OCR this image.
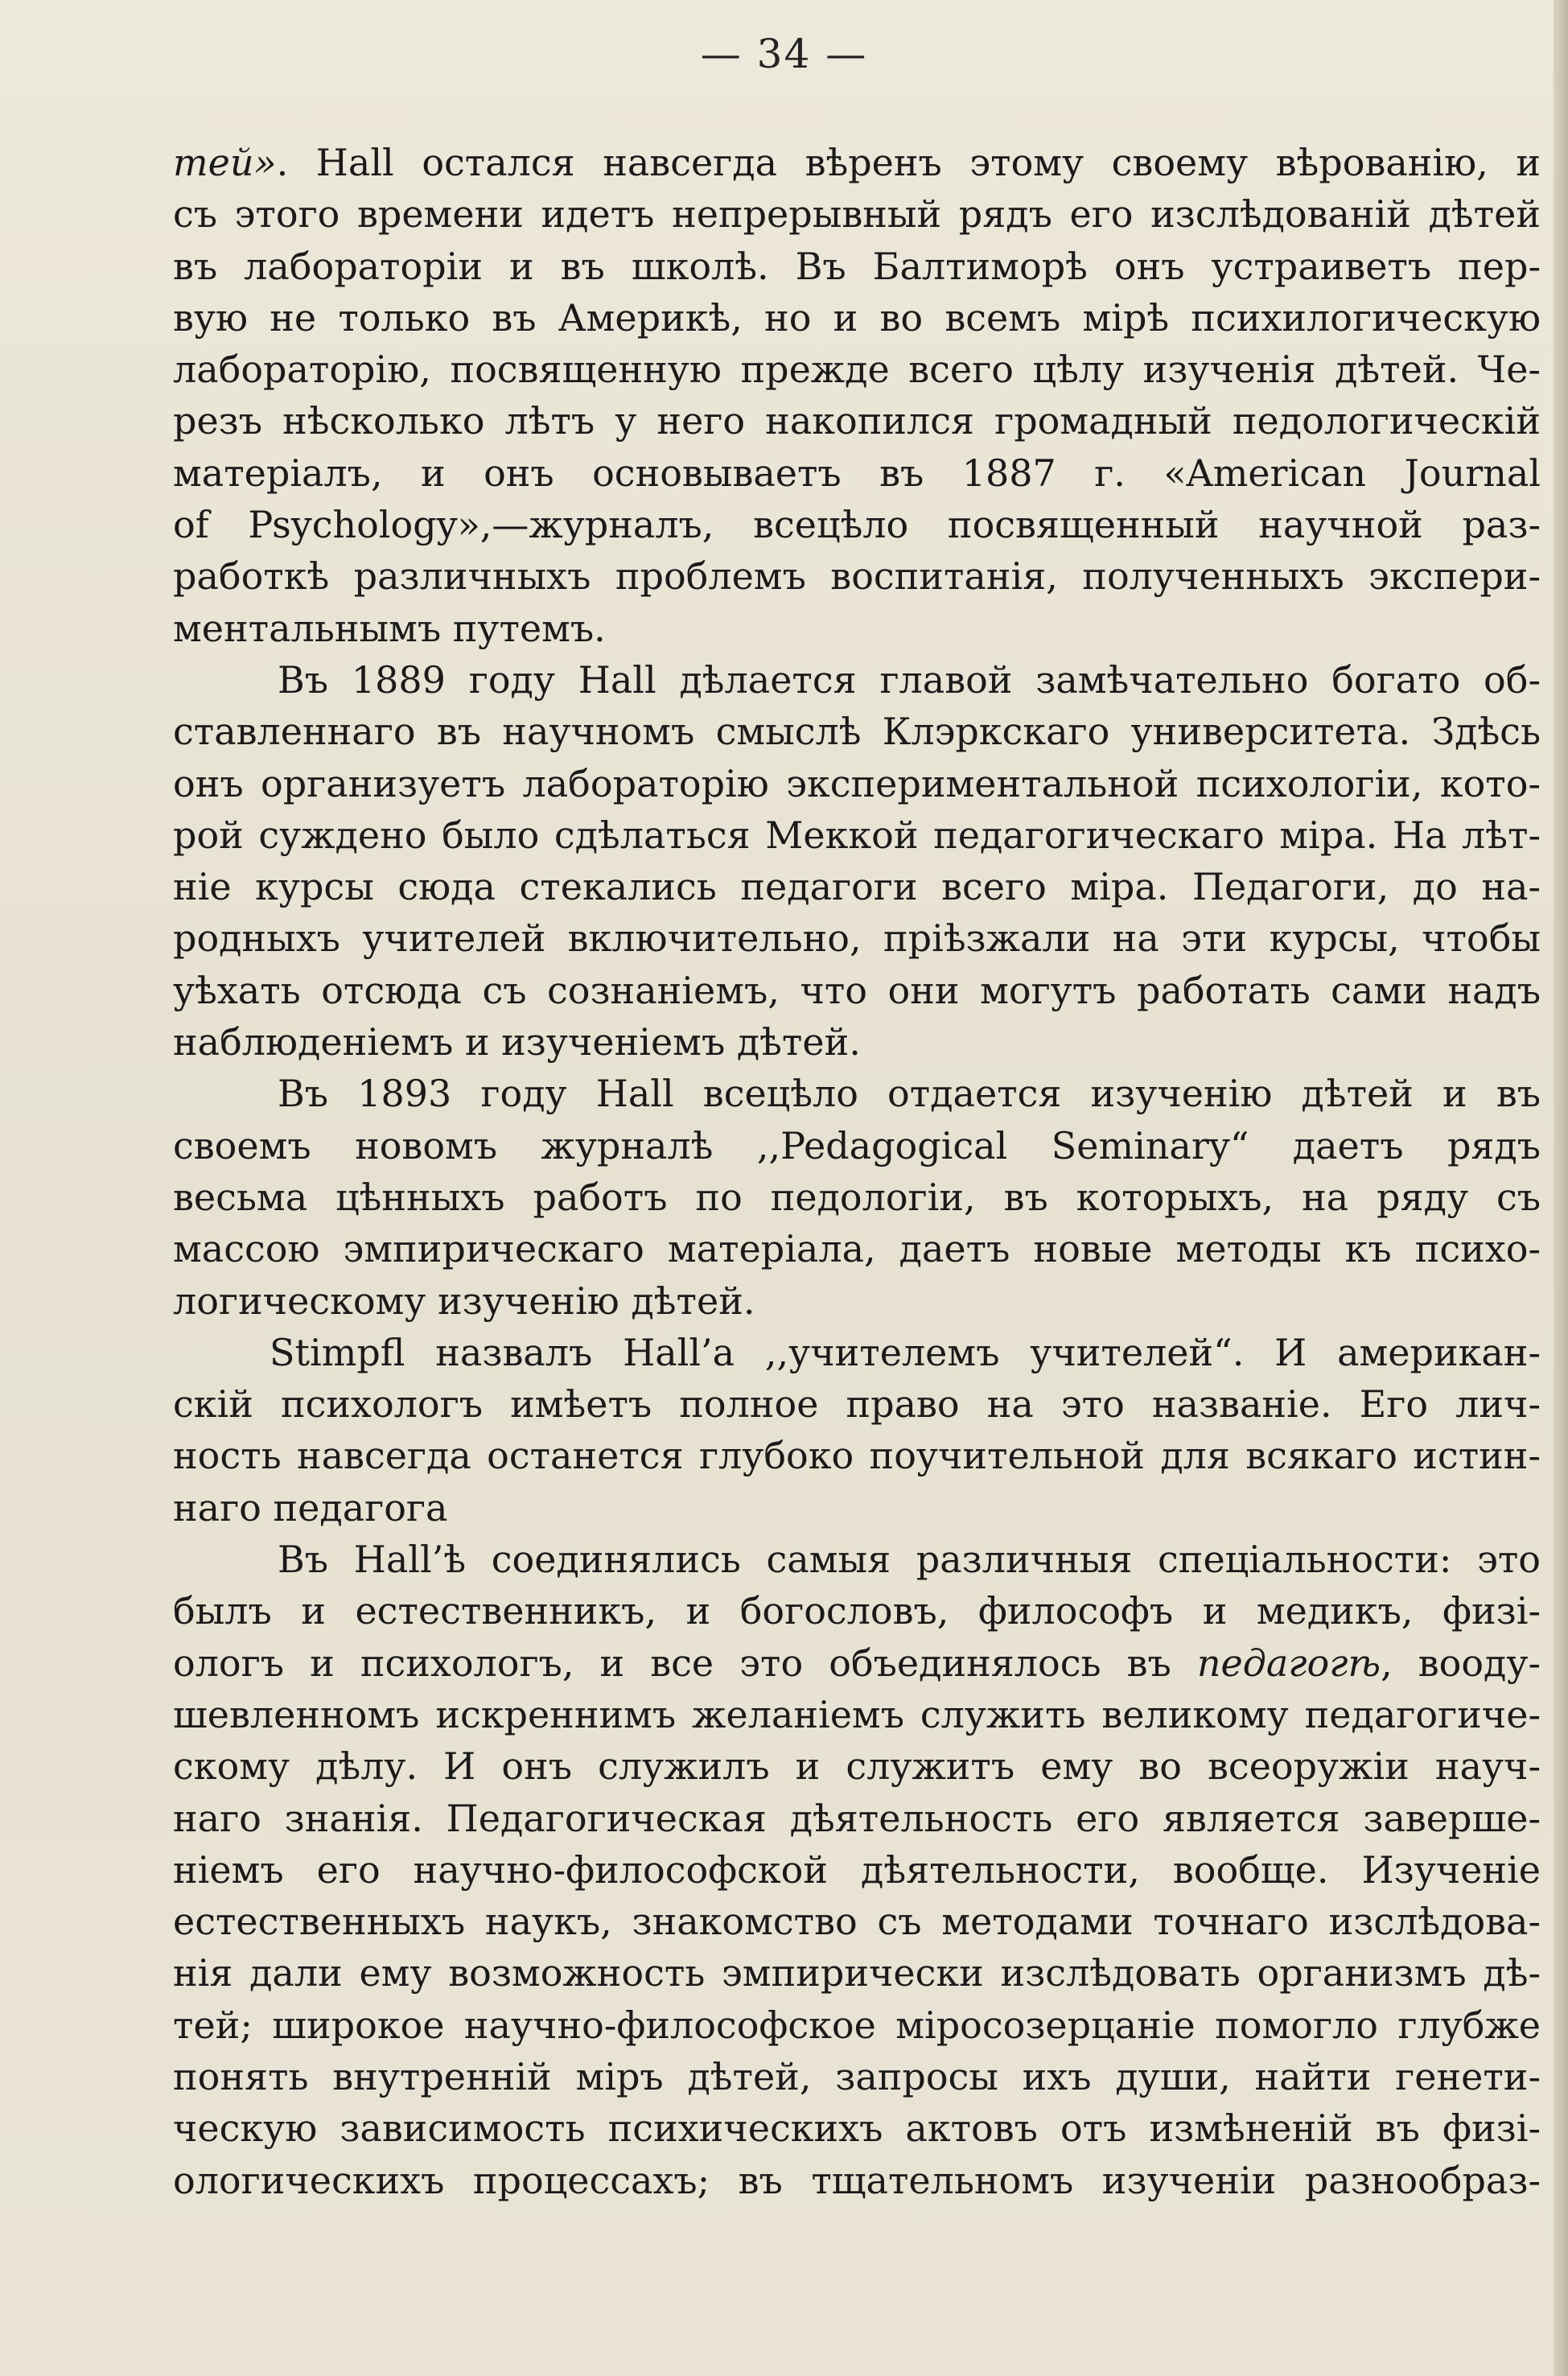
— 34 —
тей». Hall остался навсегда вѣренъ этому своему вѣрованію, и
съ этого времени идетъ непрерывный рядъ его изслѣдованій дѣтей
въ лабораторіи и въ школѣ. Въ Балтиморѣ онъ устраиветъ пер-
вую не только въ Америкѣ, но и во всемъ мірѣ психилогическую
лабораторію, посвященную прежде всего цѣлу изученія дѣтей. Че-
резъ нѣсколько лѣтъ у него накопился громадный педологическій
матеріалъ, и онъ основываетъ въ 1887 г. «American Journal
of Psychology»,—журналъ, всецѣло посвященный научной раз-
работкѣ различныхъ проблемъ воспитанія, полученныхъ экспери-
ментальнымъ путемъ.
Въ 1889 году Hall дѣлается главой замѣчательно богато об-
ставленнаго въ научномъ смыслѣ Клэркскаго университета. Здѣсь
онъ организуетъ лабораторію экспериментальной психологіи, кото-
рой суждено было сдѣлаться Меккой педагогическаго міра. На лѣт-
ніе курсы сюда стекались педагоги всего міра. Педагоги, до на-
родныхъ учителей включительно, пріѣзжали на эти курсы, чтобы
уѣхать отсюда съ сознаніемъ, что они могутъ работать сами надъ
наблюденіемъ и изученіемъ дѣтей.
Въ 1893 году Hall всецѣло отдается изученію дѣтей и въ
своемъ новомъ журналѣ ,,Pedagogical Seminary“ даетъ рядъ
весьма цѣнныхъ работъ по педологіи, въ которыхъ, на ряду съ
массою эмпирическаго матеріала, даетъ новые методы къ психо-
логическому изученію дѣтей.
Stimpfl назвалъ Hall’a ,,учителемъ учителей“. И американ-
скій психологъ имѣетъ полное право на это названіе. Его лич-
ность навсегда останется глубоко поучительной для всякаго истин-
наго педагога
Въ Hall’ѣ соединялись самыя различныя спеціальности: это
былъ и естественникъ, и богословъ, философъ и медикъ, физі-
ологъ и психологъ, и все это объединялось въ педагогѣ, вооду-
шевленномъ искреннимъ желаніемъ служить великому педагогиче-
скому дѣлу. И онъ служилъ и служитъ ему во всеоружіи науч-
наго знанія. Педагогическая дѣятельность его является заверше-
ніемъ его научно-философской дѣятельности, вообще. Изученіе
естественныхъ наукъ, знакомство съ методами точнаго изслѣдова-
нія дали ему возможность эмпирически изслѣдовать организмъ дѣ-
тей; широкое научно-философское міросозерцаніе помогло глубже
понять внутренній міръ дѣтей, запросы ихъ души, найти генети-
ческую зависимость психическихъ актовъ отъ измѣненій въ физі-
ологическихъ процессахъ; въ тщательномъ изученіи разнообраз-
